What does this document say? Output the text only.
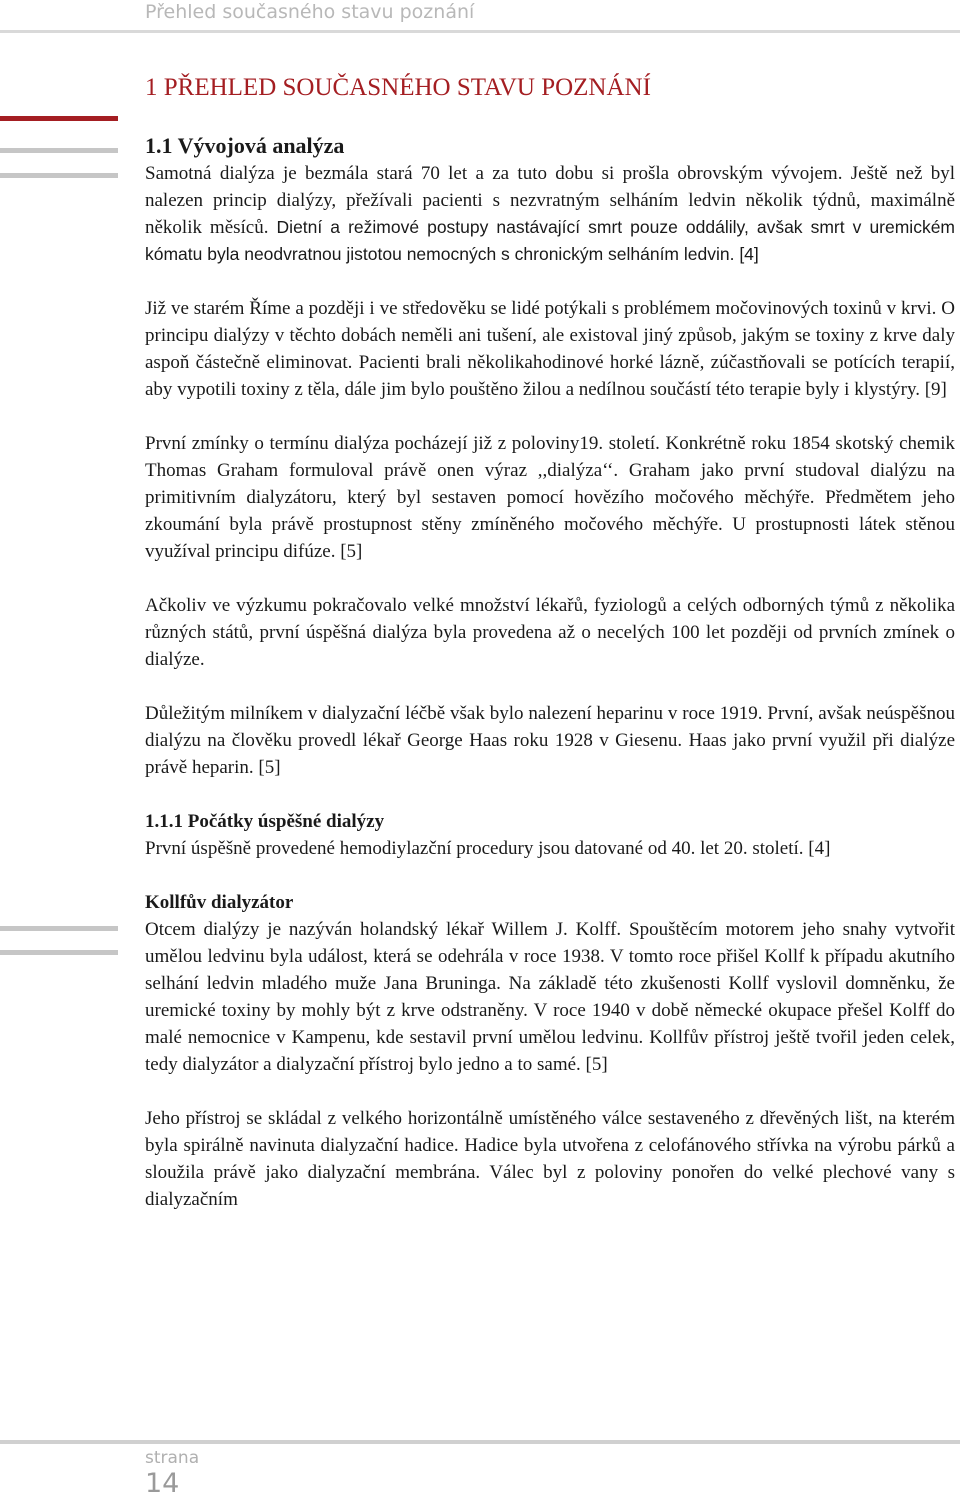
Přehled současného stavu poznání
1 PŘEHLED SOUČASNÉHO STAVU POZNÁNÍ
1.1 Vývojová analýza

Samotná dialýza je bezmála stará 70 let a za tuto dobu si prošla obrovským vývojem. Ještě než byl nalezen princip dialýzy, přežívali pacienti s nezvratným selháním ledvin několik týdnů, maximálně několik měsíců. Dietní a režimové postupy nastávající smrt pouze oddálily, avšak smrt v uremickém kómatu byla neodvratnou jistotou nemocných s chronickým selháním ledvin. [4]

Již ve starém Říme a později i ve středověku se lidé potýkali s problémem močovinových toxinů v krvi. O principu dialýzy v těchto dobách neměli ani tušení, ale existoval jiný způsob, jakým se toxiny z krve daly aspoň částečně eliminovat. Pacienti brali několikahodinové horké lázně, zúčastňovali se potících terapií, aby vypotili toxiny z těla, dále jim bylo pouštěno žilou a nedílnou součástí této terapie byly i klystýry. [9]

První zmínky o termínu dialýza pocházejí již z poloviny19. století. Konkrétně roku 1854 skotský chemik Thomas Graham formuloval právě onen výraz ,,dialýza‘‘. Graham jako první studoval dialýzu na primitivním dialyzátoru, který byl sestaven pomocí hovězího močového měchýře. Předmětem jeho zkoumání byla právě prostupnost stěny zmíněného močového měchýře. U prostupnosti látek stěnou využíval principu difúze. [5]

Ačkoliv ve výzkumu pokračovalo velké množství lékařů, fyziologů a celých odborných týmů z několika různých států, první úspěšná dialýza byla provedena až o necelých 100 let později od prvních zmínek o dialýze.

Důležitým milníkem v dialyzační léčbě však bylo nalezení heparinu v roce 1919. První, avšak neúspěšnou dialýzu na člověku provedl lékař George Haas roku 1928 v Giesenu. Haas jako první využil při dialýze právě heparin. [5]

1.1.1 Počátky úspěšné dialýzy

První úspěšně provedené hemodiylazční procedury jsou datované od 40. let 20. století. [4]

Kollfův dialyzátor

Otcem dialýzy je nazýván holandský lékař Willem J. Kolff. Spouštěcím motorem jeho snahy vytvořit umělou ledvinu byla událost, která se odehrála v roce 1938. V tomto roce přišel Kollf k případu akutního selhání ledvin mladého muže Jana Bruninga. Na základě této zkušenosti Kollf vyslovil domněnku, že uremické toxiny by mohly být z krve odstraněny. V roce 1940 v době německé okupace přešel Kolff do malé nemocnice v Kampenu, kde sestavil první umělou ledvinu. Kollfův přístroj ještě tvořil jeden celek, tedy dialyzátor a dialyzační přístroj bylo jedno a to samé. [5]

Jeho přístroj se skládal z velkého horizontálně umístěného válce sestaveného z dřevěných lišt, na kterém byla spirálně navinuta dialyzační hadice. Hadice byla utvořena z celofánového střívka na výrobu párků a sloužila právě jako dialyzační membrána. Válec byl z poloviny ponořen do velké plechové vany s dialyzačním

strana
14
